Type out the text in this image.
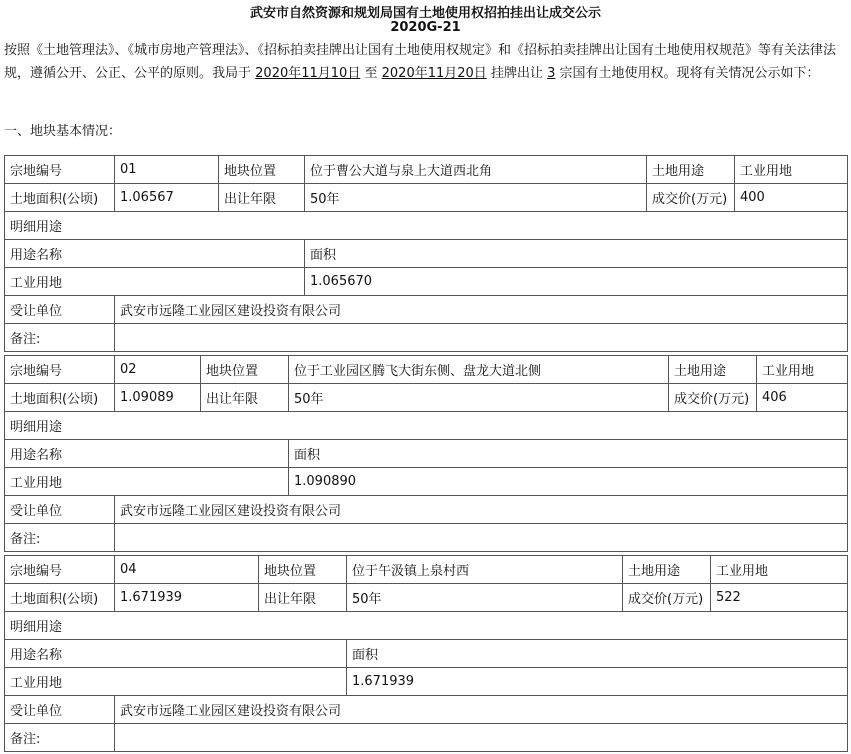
武安市自然资源和规划局国有土地使用权招拍挂出让成交公示
2020G-21
按照《土地管理法》、《城市房地产管理法》、《招标拍卖挂牌出让国有土地使用权规定》和《招标拍卖挂牌出让国有土地使用权规范》等有关法律法规，遵循公开、公正、公平的原则。我局于 2020年11月10日 至 2020年11月20日 挂牌出让 3 宗国有土地使用权。现将有关情况公示如下：
一、地块基本情况：
宗地编号	01	地块位置	位于曹公大道与泉上大道西北角	土地用途	工业用地
土地面积(公顷)	1.06567	出让年限	50年	成交价(万元)	400
明细用途					
用途名称			面积		
工业用地			1.065670		
受让单位	武安市远隆工业园区建设投资有限公司				
备注:					
宗地编号	02	地块位置	位于工业园区腾飞大街东侧、盘龙大道北侧	土地用途	工业用地
土地面积(公顷)	1.09089	出让年限	50年	成交价(万元)	406
明细用途					
用途名称			面积		
工业用地			1.090890		
受让单位	武安市远隆工业园区建设投资有限公司				
备注:					
宗地编号	04	地块位置	位于午汲镇上泉村西	土地用途	工业用地
土地面积(公顷)	1.671939	出让年限	50年	成交价(万元)	522
明细用途					
用途名称			面积		
工业用地			1.671939		
受让单位	武安市远隆工业园区建设投资有限公司				
备注:					
